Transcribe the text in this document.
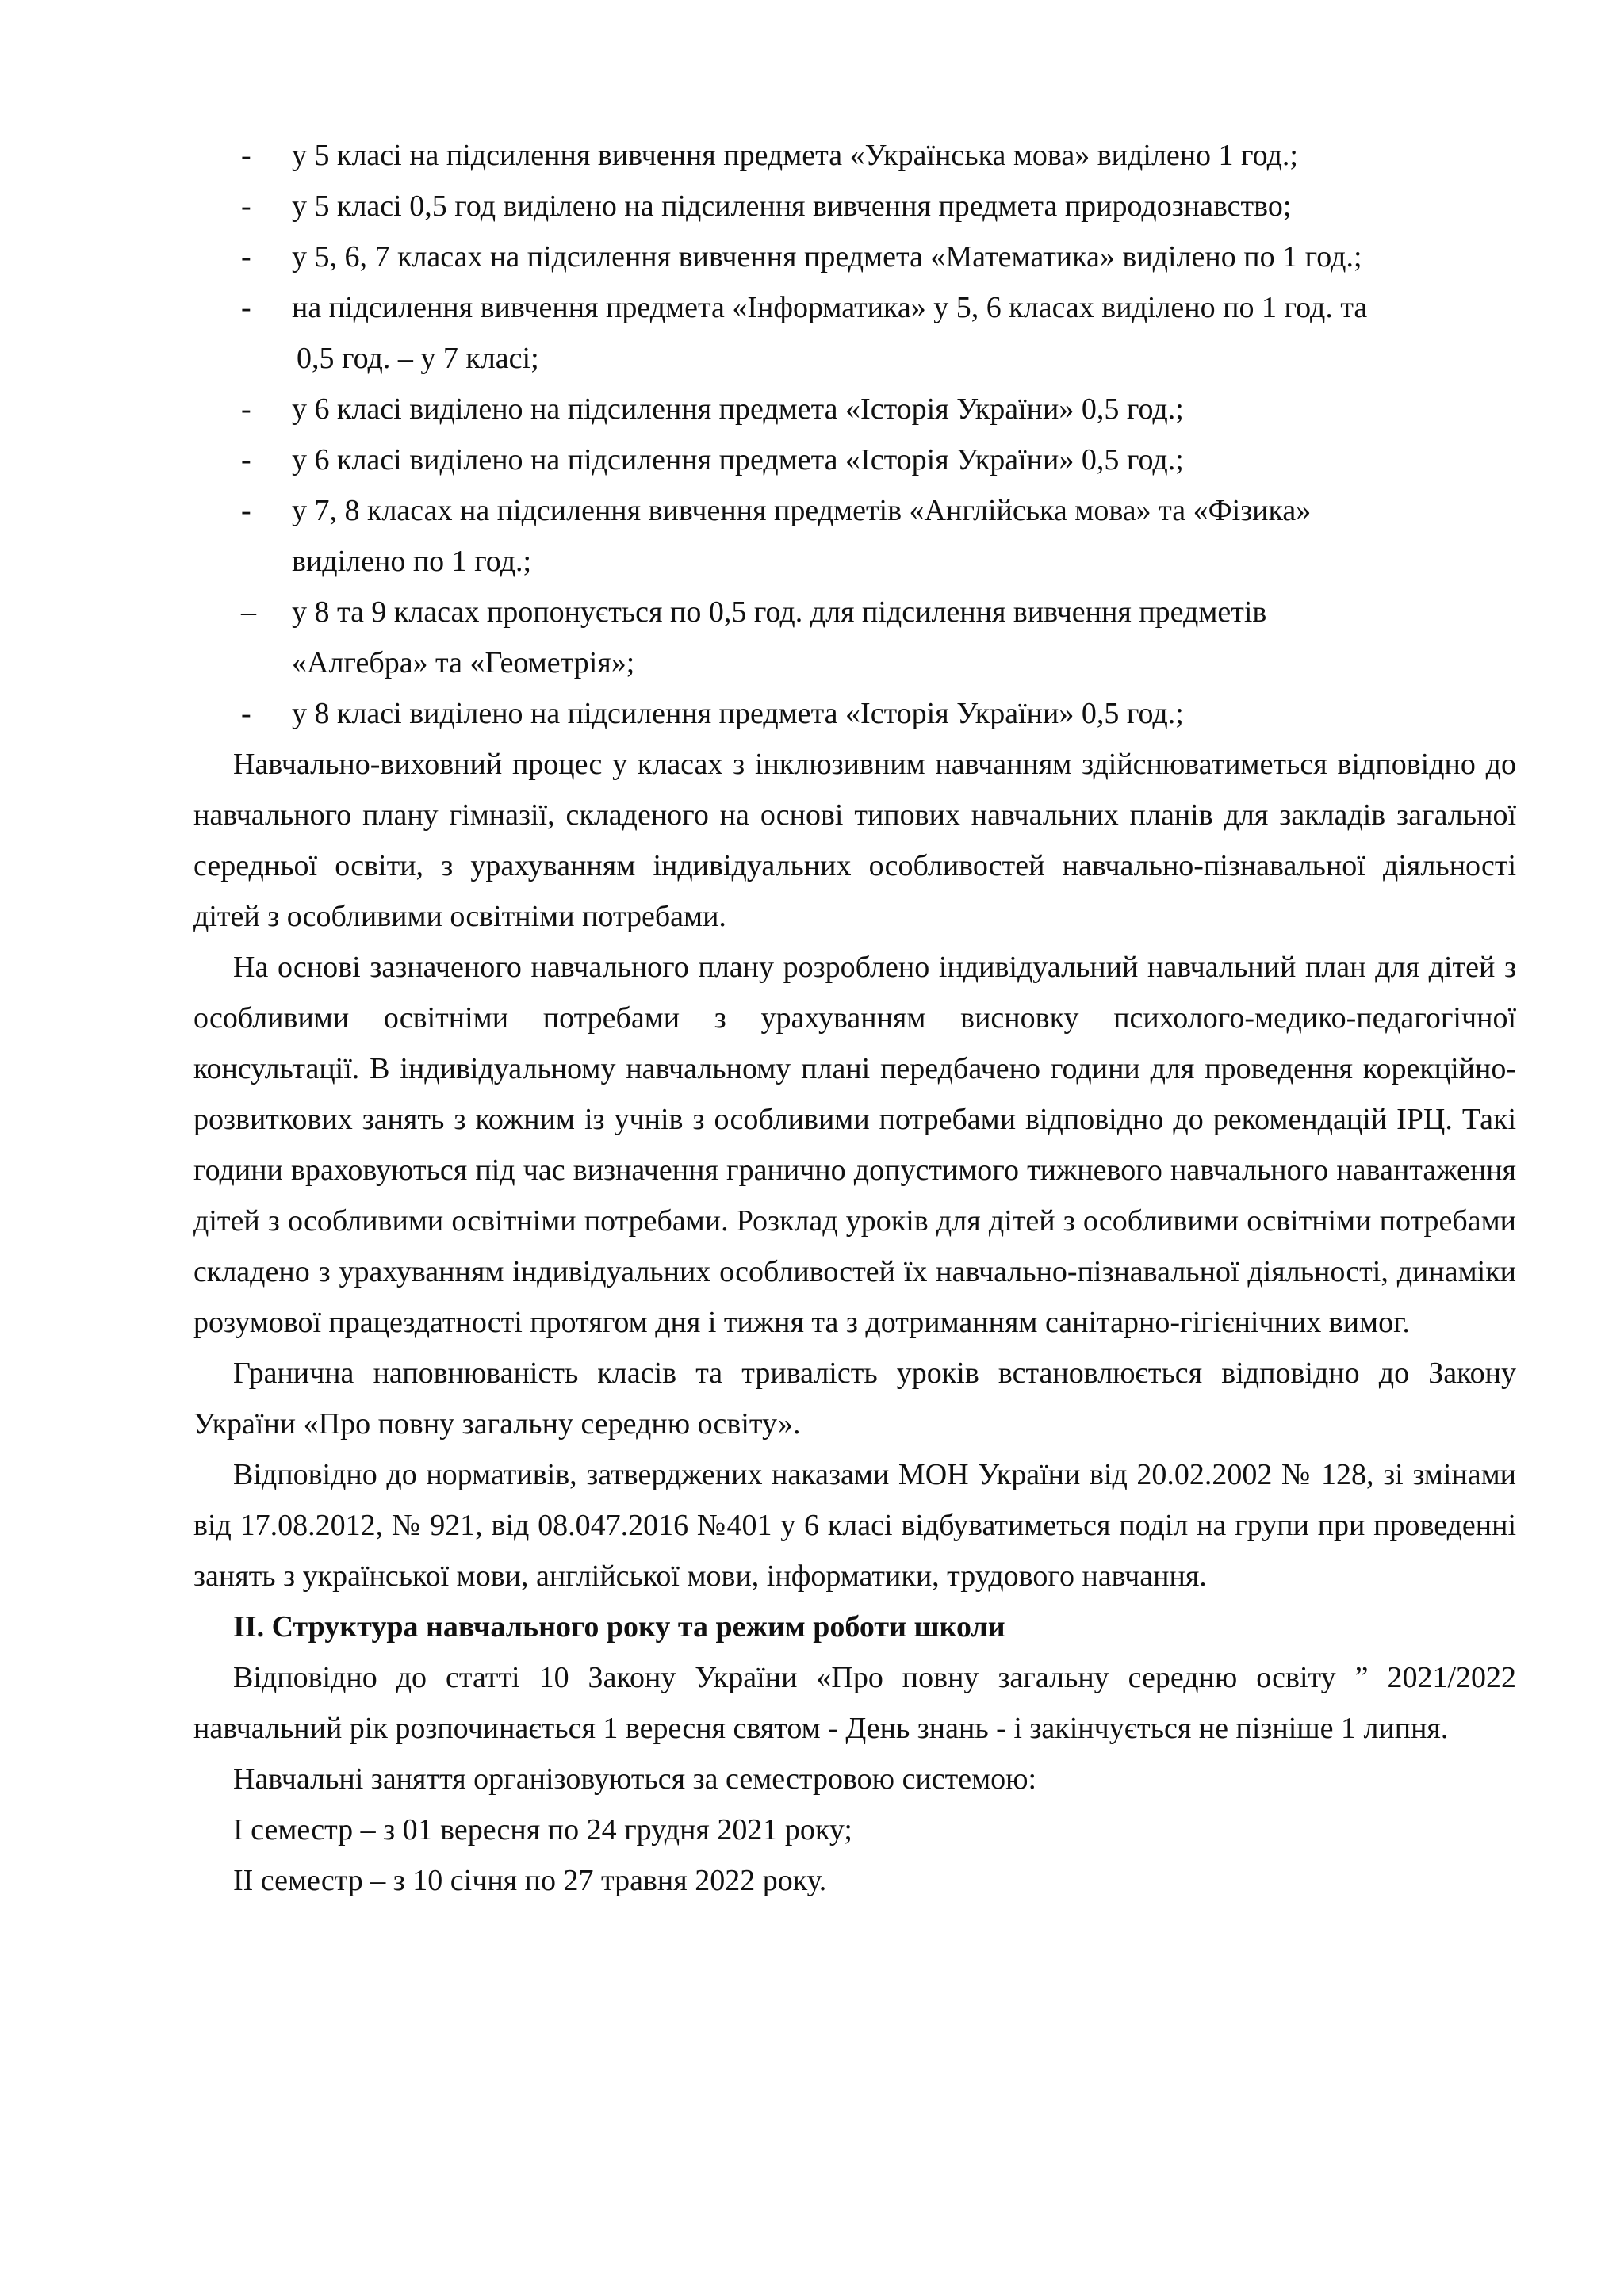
- у 5 класі на підсилення вивчення предмета «Українська мова» виділено 1 год.;
- у 5 класі 0,5 год виділено на підсилення вивчення предмета природознавство;
- у 5, 6, 7 класах на підсилення вивчення предмета «Математика» виділено по 1 год.;
- на підсилення вивчення предмета «Інформатика» у 5, 6 класах виділено по 1 год. та
0,5 год. – у 7 класі;
- у 6 класі виділено на підсилення предмета «Історія України» 0,5 год.;
- у 6 класі виділено на підсилення предмета «Історія України» 0,5 год.;
- у 7, 8 класах на підсилення вивчення предметів «Англійська мова» та «Фізика»
виділено по 1 год.;
– у 8 та 9 класах пропонується по 0,5 год. для підсилення вивчення предметів
«Алгебра» та «Геометрія»;
- у 8 класі виділено на підсилення предмета «Історія України» 0,5 год.;

Навчально-виховний процес у класах з інклюзивним навчанням здійснюватиметься відповідно до навчального плану гімназії, складеного на основі типових навчальних планів для закладів загальної середньої освіти, з урахуванням індивідуальних особливостей навчально-пізнавальної діяльності дітей з особливими освітніми потребами.

На основі зазначеного навчального плану розроблено індивідуальний навчальний план для дітей з особливими освітніми потребами з урахуванням висновку психолого-медико-педагогічної консультації. В індивідуальному навчальному плані передбачено години для проведення корекційно-розвиткових занять з кожним із учнів з особливими потребами відповідно до рекомендацій ІРЦ. Такі години враховуються під час визначення гранично допустимого тижневого навчального навантаження дітей з особливими освітніми потребами. Розклад уроків для дітей з особливими освітніми потребами складено з урахуванням індивідуальних особливостей їх навчально-пізнавальної діяльності, динаміки розумової працездатності протягом дня і тижня та з дотриманням санітарно-гігієнічних вимог.

Гранична наповнюваність класів та тривалість уроків встановлюється відповідно до Закону України «Про повну загальну середню освіту».

Відповідно до нормативів, затверджених наказами МОН України від 20.02.2002 № 128, зі змінами від 17.08.2012, № 921, від 08.047.2016 №401 у 6 класі відбуватиметься поділ на групи при проведенні занять з української мови, англійської мови, інформатики, трудового навчання.

ІІ. Структура навчального року та режим роботи школи

Відповідно до статті 10 Закону України «Про повну загальну середню освіту ” 2021/2022 навчальний рік розпочинається 1 вересня святом - День знань - і закінчується не пізніше 1 липня.

Навчальні заняття організовуються за семестровою системою:

І семестр – з 01 вересня по 24 грудня 2021 року;

ІІ семестр – з 10 січня по 27 травня 2022 року.
